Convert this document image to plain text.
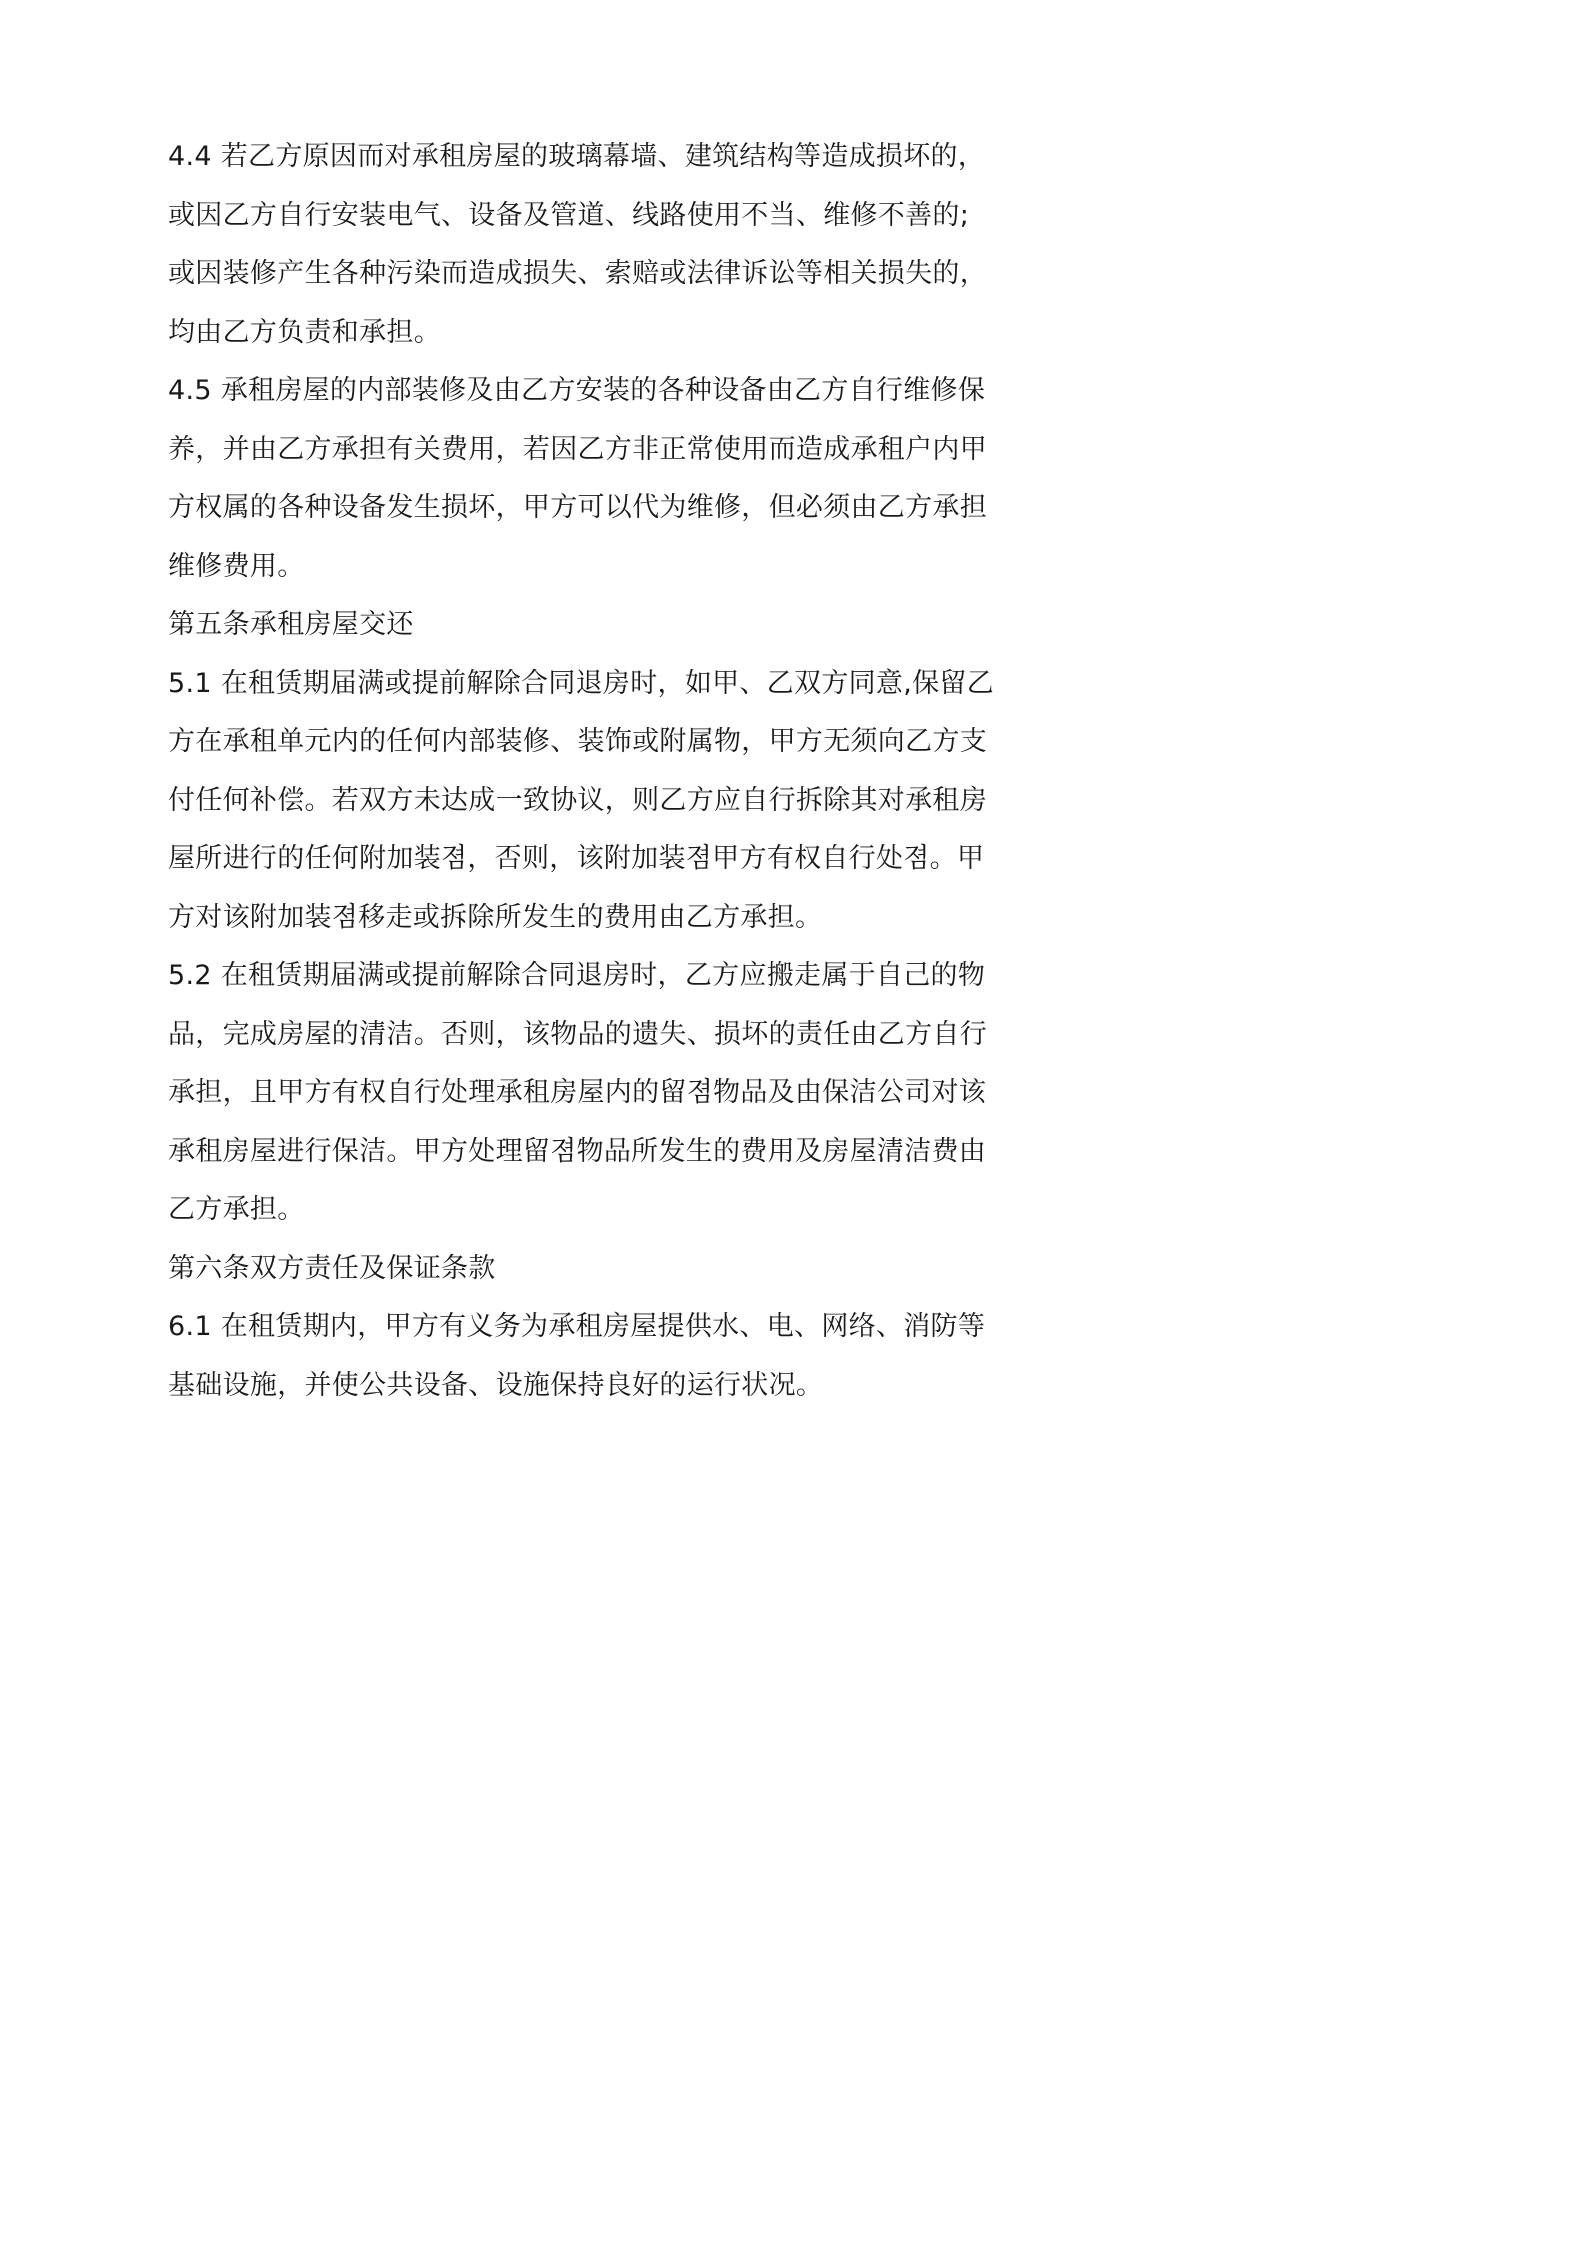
4.4 若乙方原因而对承租房屋的玻璃幕墙、建筑结构等造成损坏的，
或因乙方自行安装电气、设备及管道、线路使用不当、维修不善的;
或因装修产生各种污染而造成损失、索赔或法律诉讼等相关损失的，
均由乙方负责和承担。
4.5 承租房屋的内部装修及由乙方安装的各种设备由乙方自行维修保
养，并由乙方承担有关费用，若因乙方非正常使用而造成承租户内甲
方权属的各种设备发生损坏，甲方可以代为维修，但必须由乙方承担
维修费用。
第五条承租房屋交还
5.1 在租赁期届满或提前解除合同退房时，如甲、乙双方同意,保留乙
方在承租单元内的任何内部装修、装饰或附属物，甲方无须向乙方支
付任何补偿。若双方未达成一致协议，则乙方应自行拆除其对承租房
屋所进行的任何附加装졈，否则，该附加装졈甲方有权自行处졈。甲
方对该附加装졈移走或拆除所发生的费用由乙方承担。
5.2 在租赁期届满或提前解除合同退房时，乙方应搬走属于自己的物
品，完成房屋的清洁。否则，该物品的遗失、损坏的责任由乙方自行
承担，且甲方有权自行处理承租房屋内的留졈物品及由保洁公司对该
承租房屋进行保洁。甲方处理留졈物品所发生的费用及房屋清洁费由
乙方承担。
第六条双方责任及保证条款
6.1 在租赁期内，甲方有义务为承租房屋提供水、电、网络、消防等
基础设施，并使公共设备、设施保持良好的运行状况。
